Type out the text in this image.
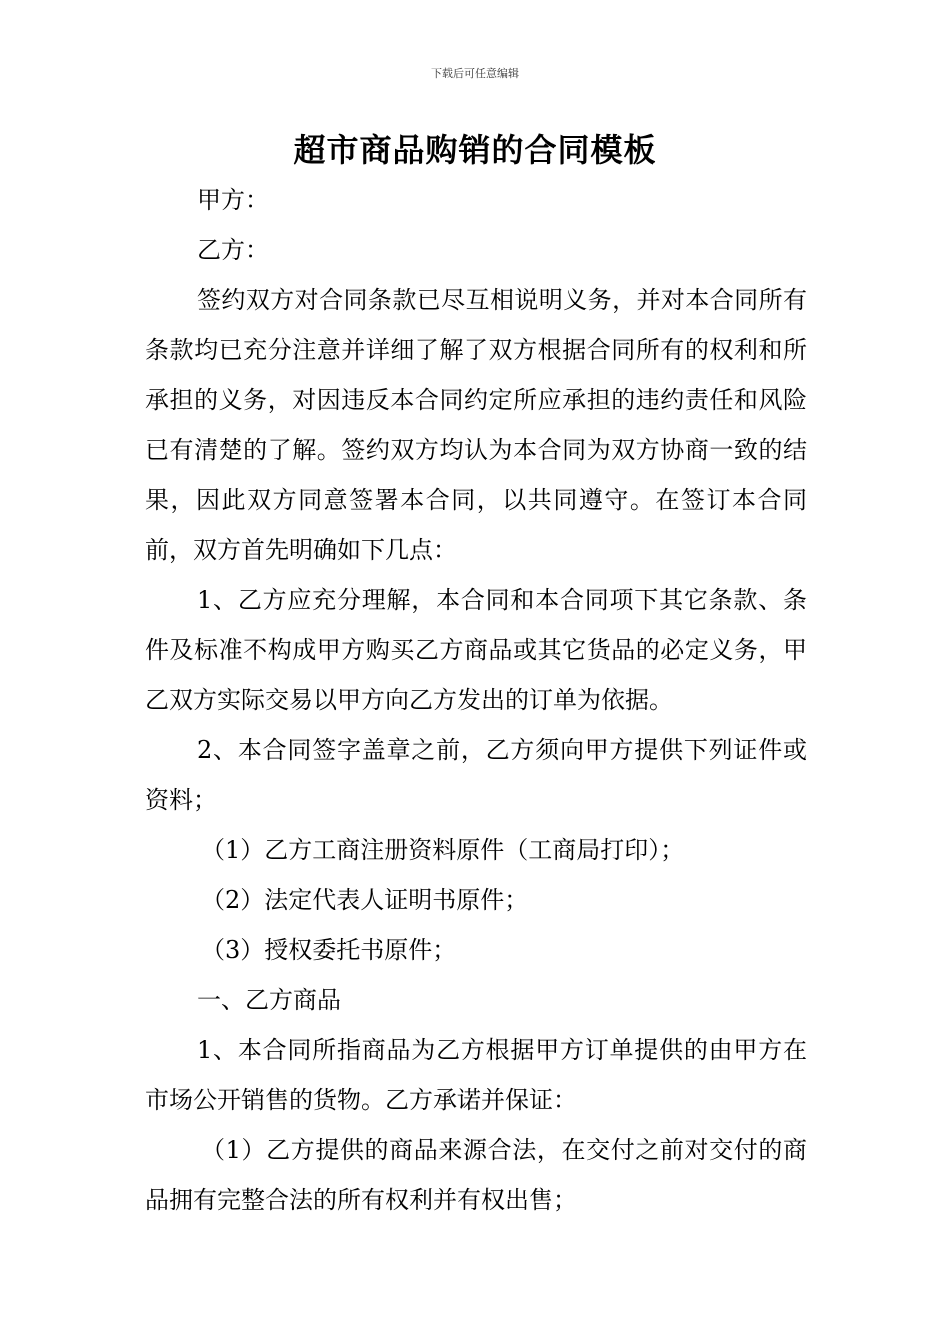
下载后可任意编辑
超市商品购销的合同模板

甲方：

乙方：

签约双方对合同条款已尽互相说明义务，并对本合同所有条款均已充分注意并详细了解了双方根据合同所有的权利和所承担的义务，对因违反本合同约定所应承担的违约责任和风险已有清楚的了解。签约双方均认为本合同为双方协商一致的结果，因此双方同意签署本合同，以共同遵守。在签订本合同前，双方首先明确如下几点：

1、乙方应充分理解，本合同和本合同项下其它条款、条件及标准不构成甲方购买乙方商品或其它货品的必定义务，甲乙双方实际交易以甲方向乙方发出的订单为依据。

2、本合同签字盖章之前，乙方须向甲方提供下列证件或资料；

（1）乙方工商注册资料原件（工商局打印）；

（2）法定代表人证明书原件；

（3）授权委托书原件；

一、乙方商品

1、本合同所指商品为乙方根据甲方订单提供的由甲方在市场公开销售的货物。乙方承诺并保证：

（1）乙方提供的商品来源合法，在交付之前对交付的商品拥有完整合法的所有权利并有权出售；
